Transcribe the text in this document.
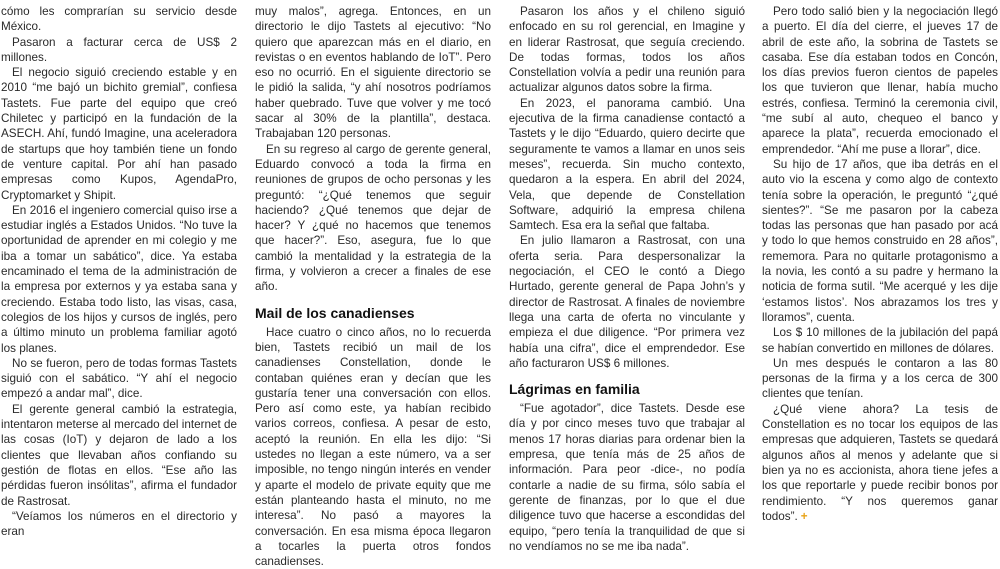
cómo les comprarían su servicio desde México.

Pasaron a facturar cerca de US$ 2 millones.

El negocio siguió creciendo estable y en 2010 “me bajó un bichito gremial”, confiesa Tastets. Fue parte del equipo que creó Chiletec y participó en la fundación de la ASECH. Ahí, fundó Imagine, una aceleradora de startups que hoy también tiene un fondo de venture capital. Por ahí han pasado empresas como Kupos, AgendaPro, Cryptomarket y Shipit.

En 2016 el ingeniero comercial quiso irse a estudiar inglés a Estados Unidos. “No tuve la oportunidad de aprender en mi colegio y me iba a tomar un sabático”, dice. Ya estaba encaminado el tema de la administración de la empresa por externos y ya estaba sana y creciendo. Estaba todo listo, las visas, casa, colegios de los hijos y cursos de inglés, pero a último minuto un problema familiar agotó los planes.

No se fueron, pero de todas formas Tastets siguió con el sabático. “Y ahí el negocio empezó a andar mal”, dice.

El gerente general cambió la estrategia, intentaron meterse al mercado del internet de las cosas (IoT) y dejaron de lado a los clientes que llevaban años confiando su gestión de flotas en ellos. “Ese año las pérdidas fueron insólitas”, afirma el fundador de Rastrosat.

“Veíamos los números en el directorio y eran

muy malos”, agrega. Entonces, en un directorio le dijo Tastets al ejecutivo: “No quiero que aparezcan más en el diario, en revistas o en eventos hablando de IoT”. Pero eso no ocurrió. En el siguiente directorio se le pidió la salida, “y ahí nosotros podríamos haber quebrado. Tuve que volver y me tocó sacar al 30% de la plantilla”, destaca. Trabajaban 120 personas.

En su regreso al cargo de gerente general, Eduardo convocó a toda la firma en reuniones de grupos de ocho personas y les preguntó: “¿Qué tenemos que seguir haciendo? ¿Qué tenemos que dejar de hacer? Y ¿qué no hacemos que tenemos que hacer?”. Eso, asegura, fue lo que cambió la mentalidad y la estrategia de la firma, y volvieron a crecer a finales de ese año.

Mail de los canadienses

Hace cuatro o cinco años, no lo recuerda bien, Tastets recibió un mail de los canadienses Constellation, donde le contaban quiénes eran y decían que les gustaría tener una conversación con ellos. Pero así como este, ya habían recibido varios correos, confiesa. A pesar de esto, aceptó la reunión. En ella les dijo: “Si ustedes no llegan a este número, va a ser imposible, no tengo ningún interés en vender y aparte el modelo de private equity que me están planteando hasta el minuto, no me interesa”. No pasó a mayores la conversación. En esa misma época llegaron a tocarles la puerta otros fondos canadienses.

Pasaron los años y el chileno siguió enfocado en su rol gerencial, en Imagine y en liderar Rastrosat, que seguía creciendo. De todas formas, todos los años Constellation volvía a pedir una reunión para actualizar algunos datos sobre la firma.

En 2023, el panorama cambió. Una ejecutiva de la firma canadiense contactó a Tastets y le dijo “Eduardo, quiero decirte que seguramente te vamos a llamar en unos seis meses”, recuerda. Sin mucho contexto, quedaron a la espera. En abril del 2024, Vela, que depende de Constellation Software, adquirió la empresa chilena Samtech. Esa era la señal que faltaba.

En julio llamaron a Rastrosat, con una oferta seria. Para despersonalizar la negociación, el CEO le contó a Diego Hurtado, gerente general de Papa John’s y director de Rastrosat. A finales de noviembre llega una carta de oferta no vinculante y empieza el due diligence. “Por primera vez había una cifra”, dice el emprendedor. Ese año facturaron US$ 6 millones.

Lágrimas en familia

“Fue agotador”, dice Tastets. Desde ese día y por cinco meses tuvo que trabajar al menos 17 horas diarias para ordenar bien la empresa, que tenía más de 25 años de información. Para peor -dice-, no podía contarle a nadie de su firma, sólo sabía el gerente de finanzas, por lo que el due diligence tuvo que hacerse a escondidas del equipo, “pero tenía la tranquilidad de que si no vendíamos no se me iba nada”.

Pero todo salió bien y la negociación llegó a puerto. El día del cierre, el jueves 17 de abril de este año, la sobrina de Tastets se casaba. Ese día estaban todos en Concón, los días previos fueron cientos de papeles los que tuvieron que llenar, había mucho estrés, confiesa. Terminó la ceremonia civil, “me subí al auto, chequeo el banco y aparece la plata”, recuerda emocionado el emprendedor. “Ahí me puse a llorar”, dice.

Su hijo de 17 años, que iba detrás en el auto vio la escena y como algo de contexto tenía sobre la operación, le preguntó “¿qué sientes?”. “Se me pasaron por la cabeza todas las personas que han pasado por acá y todo lo que hemos construido en 28 años”, rememora. Para no quitarle protagonismo a la novia, les contó a su padre y hermano la noticia de forma sutil. “Me acerqué y les dije ‘estamos listos’. Nos abrazamos los tres y lloramos”, cuenta.

Los $ 10 millones de la jubilación del papá se habían convertido en millones de dólares.

Un mes después le contaron a las 80 personas de la firma y a los cerca de 300 clientes que tenían.

¿Qué viene ahora? La tesis de Constellation es no tocar los equipos de las empresas que adquieren, Tastets se quedará algunos años al menos y adelante que si bien ya no es accionista, ahora tiene jefes a los que reportarle y puede recibir bonos por rendimiento. “Y nos queremos ganar todos”. +
